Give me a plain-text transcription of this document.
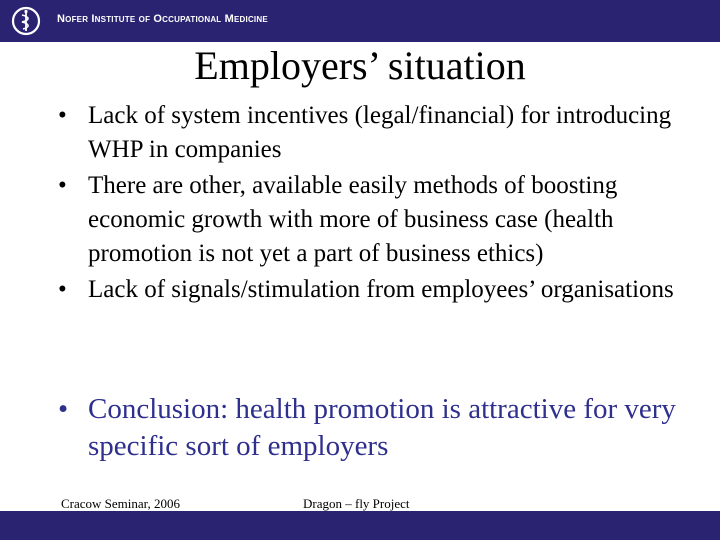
Nofer Institute of Occupational Medicine
Employers’ situation
• Lack of system incentives (legal/financial) for introducing WHP in companies
• There are other, available easily methods of boosting economic growth with more of business case (health promotion is not yet a part of business ethics)
• Lack of signals/stimulation from employees’ organisations
• Conclusion: health promotion is attractive for very specific sort of employers
Cracow Seminar, 2006	Dragon – fly Project
